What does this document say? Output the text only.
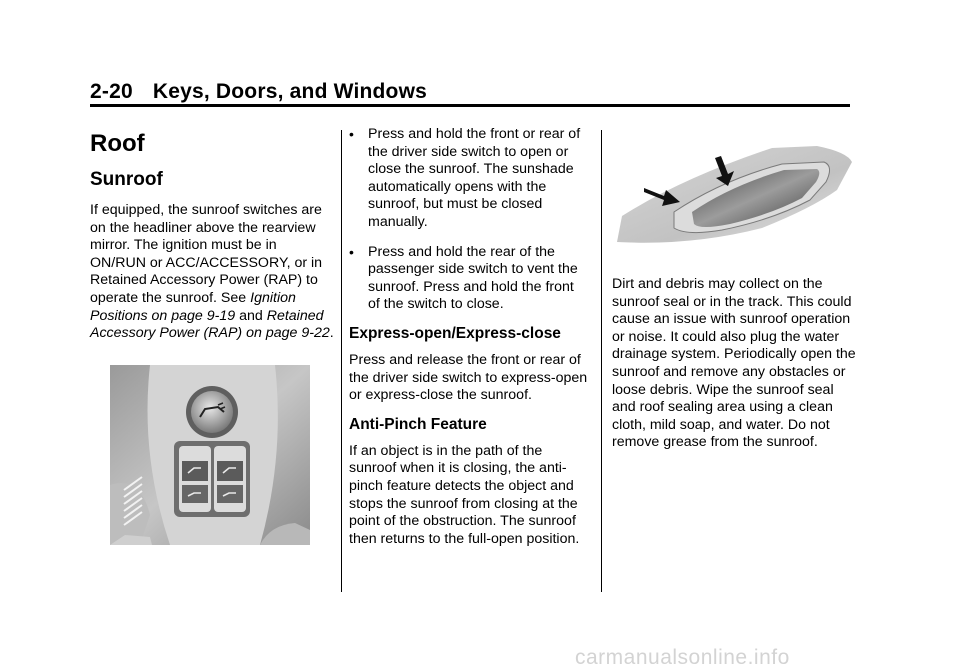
2-20 Keys, Doors, and Windows
Roof
Sunroof

If equipped, the sunroof switches are on the headliner above the rearview mirror. The ignition must be in ON/RUN or ACC/ACCESSORY, or in Retained Accessory Power (RAP) to operate the sunroof. See Ignition Positions on page 9-19 and Retained Accessory Power (RAP) on page 9-22.

• Press and hold the front or rear of the driver side switch to open or close the sunroof. The sunshade automatically opens with the sunroof, but must be closed manually.
• Press and hold the rear of the passenger side switch to vent the sunroof. Press and hold the front of the switch to close.
Express-open/Express-close

Press and release the front or rear of the driver side switch to express-open or express-close the sunroof.

Anti-Pinch Feature

If an object is in the path of the sunroof when it is closing, the anti-pinch feature detects the object and stops the sunroof from closing at the point of the obstruction. The sunroof then returns to the full-open position.

Dirt and debris may collect on the sunroof seal or in the track. This could cause an issue with sunroof operation or noise. It could also plug the water drainage system. Periodically open the sunroof and remove any obstacles or loose debris. Wipe the sunroof seal and roof sealing area using a clean cloth, mild soap, and water. Do not remove grease from the sunroof.

carmanualsonline.info
